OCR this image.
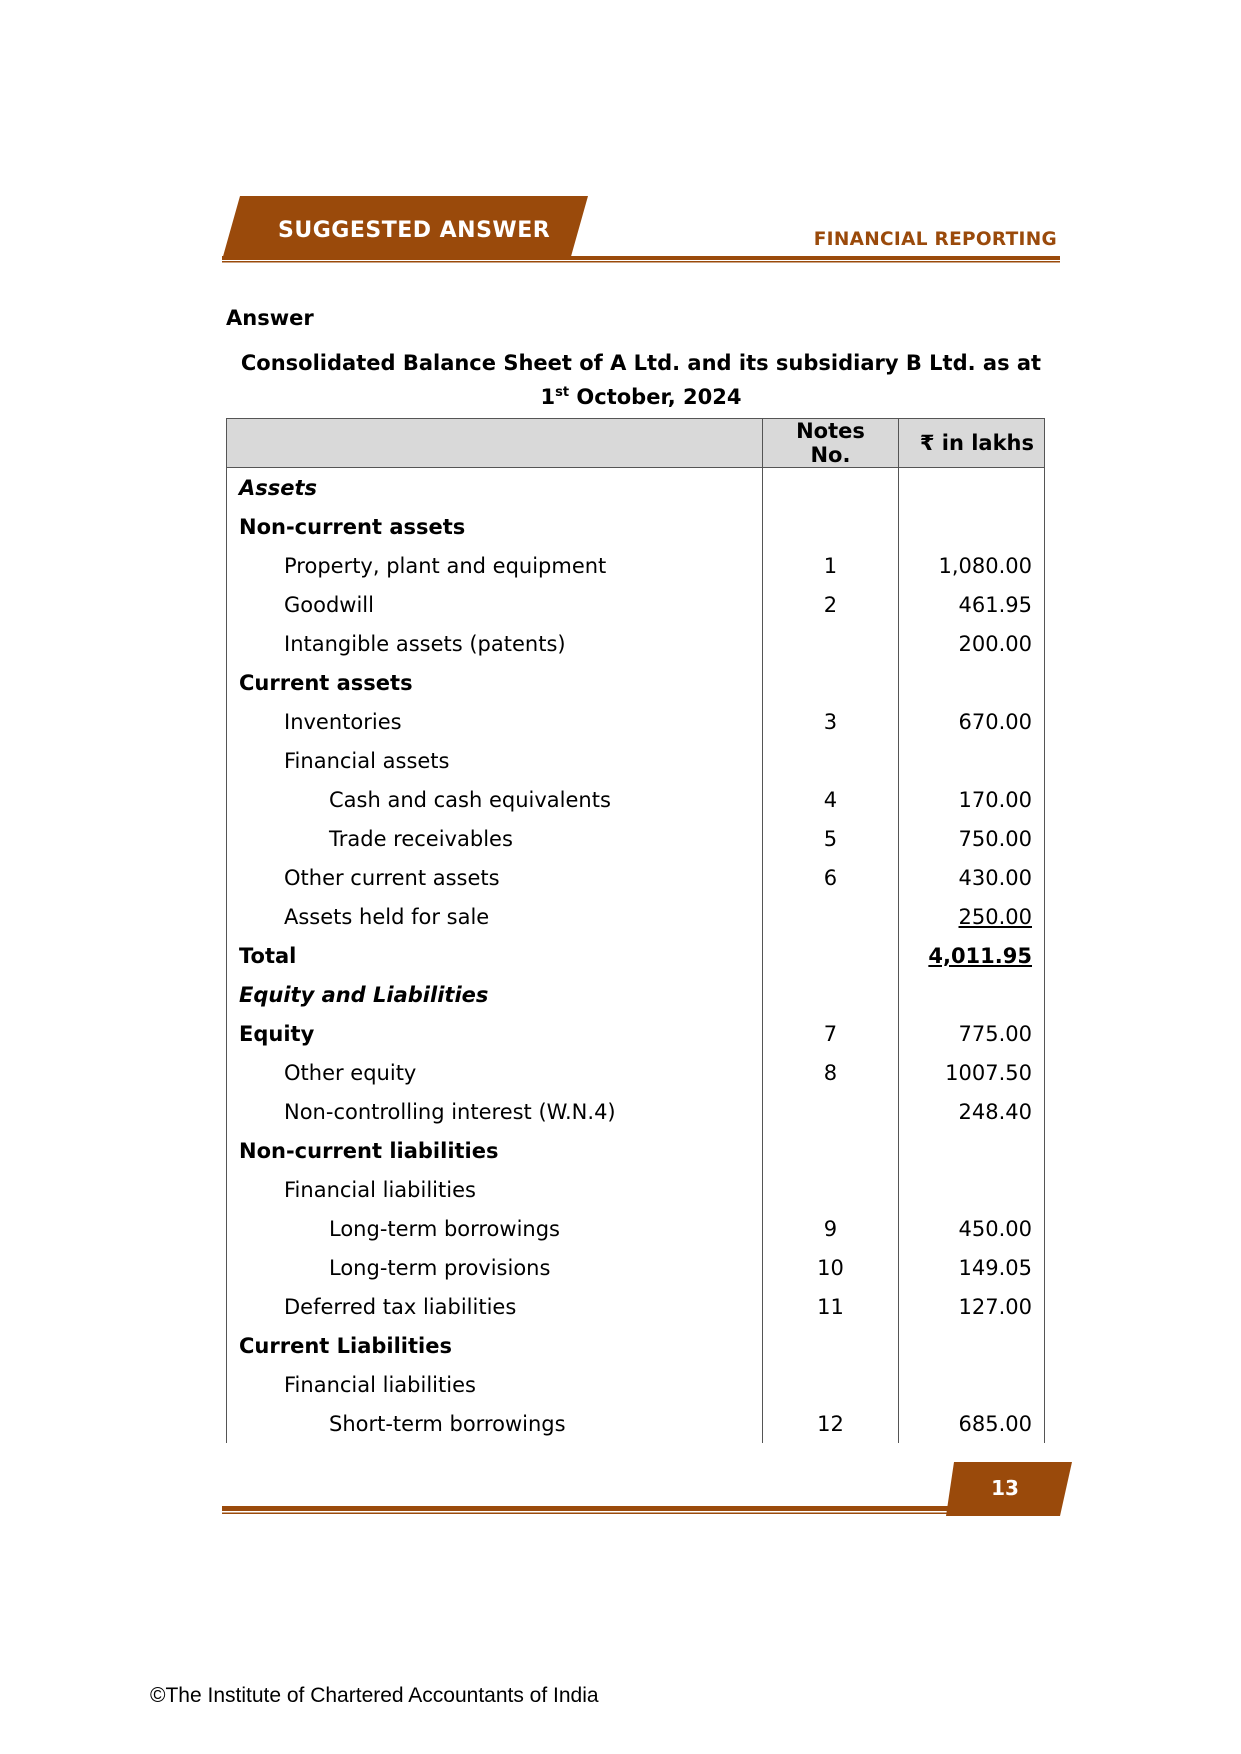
SUGGESTED ANSWER	FINANCIAL REPORTING
Answer
Consolidated Balance Sheet of A Ltd. and its subsidiary B Ltd. as at
1st October, 2024
	Notes No.	₹ in lakhs
Assets		
Non-current assets		
Property, plant and equipment	1	1,080.00
Goodwill	2	461.95
Intangible assets (patents)		200.00
Current assets		
Inventories	3	670.00
Financial assets		
Cash and cash equivalents	4	170.00
Trade receivables	5	750.00
Other current assets	6	430.00
Assets held for sale		250.00
Total		4,011.95
Equity and Liabilities		
Equity	7	775.00
Other equity	8	1007.50
Non-controlling interest (W.N.4)		248.40
Non-current liabilities		
Financial liabilities		
Long-term borrowings	9	450.00
Long-term provisions	10	149.05
Deferred tax liabilities	11	127.00
Current Liabilities		
Financial liabilities		
Short-term borrowings	12	685.00
13
©The Institute of Chartered Accountants of India
